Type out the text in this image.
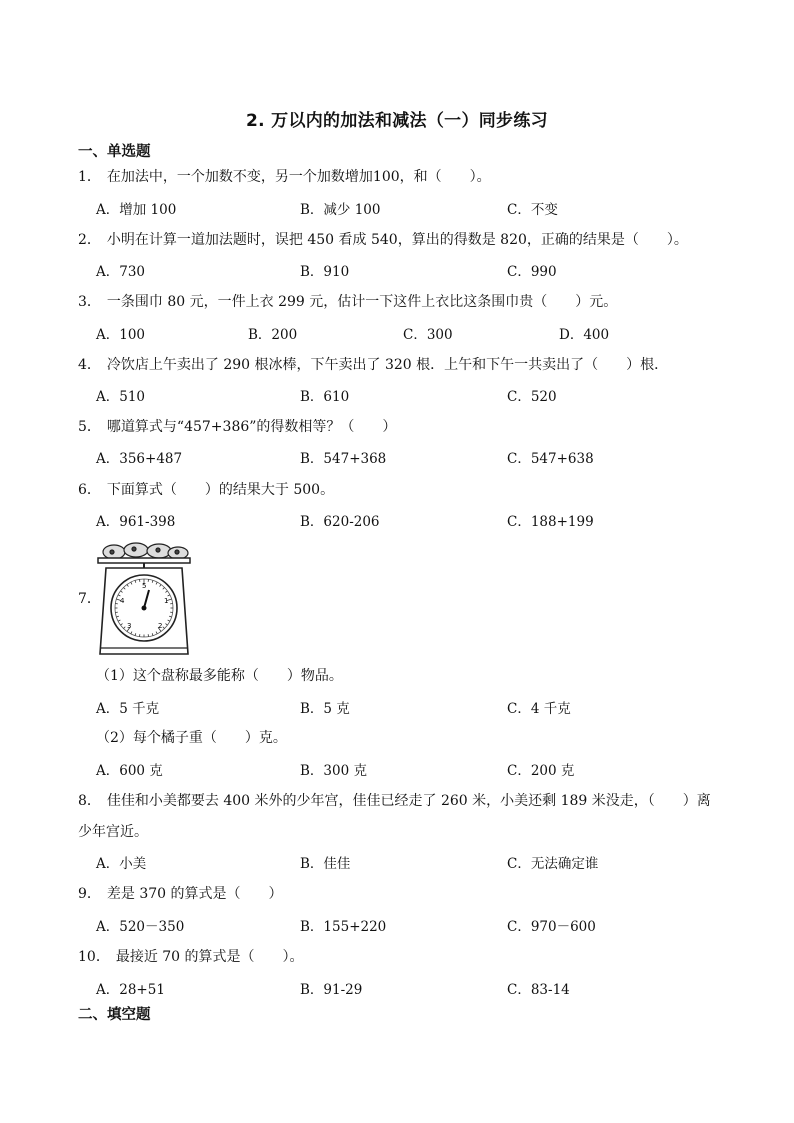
2. 万以内的加法和减法（一）同步练习
一、单选题
1． 在加法中，一个加数不变，另一个加数增加100，和（　　）。
A．增加 100	B．减少 100	C．不变
2． 小明在计算一道加法题时，误把 450 看成 540，算出的得数是 820，正确的结果是（　　）。
A．730	B．910	C．990
3． 一条围巾 80 元，一件上衣 299 元，估计一下这件上衣比这条围巾贵（　　）元。
A．100	B．200	C．300	D．400
4． 冷饮店上午卖出了 290 根冰棒，下午卖出了 320 根．上午和下午一共卖出了（　　）根．
A．510	B．610	C．520
5． 哪道算式与“457+386”的得数相等？（　　）
A．356+487	B．547+368	C．547+638
6． 下面算式（　　）的结果大于 500。
A．961-398	B．620-206	C．188+199
7．
5
1
4
2
3
（1）这个盘称最多能称（　　）物品。
A．5 千克	B．5 克	C．4 千克
（2）每个橘子重（　　）克。
A．600 克	B．300 克	C．200 克
8． 佳佳和小美都要去 400 米外的少年宫，佳佳已经走了 260 米，小美还剩 189 米没走，（　　）离
少年宫近。
A．小美	B．佳佳	C．无法确定谁
9． 差是 370 的算式是（　　）
A．520－350	B．155+220	C．970－600
10． 最接近 70 的算式是（　　）。
A．28+51	B．91-29	C．83-14
二、填空题
